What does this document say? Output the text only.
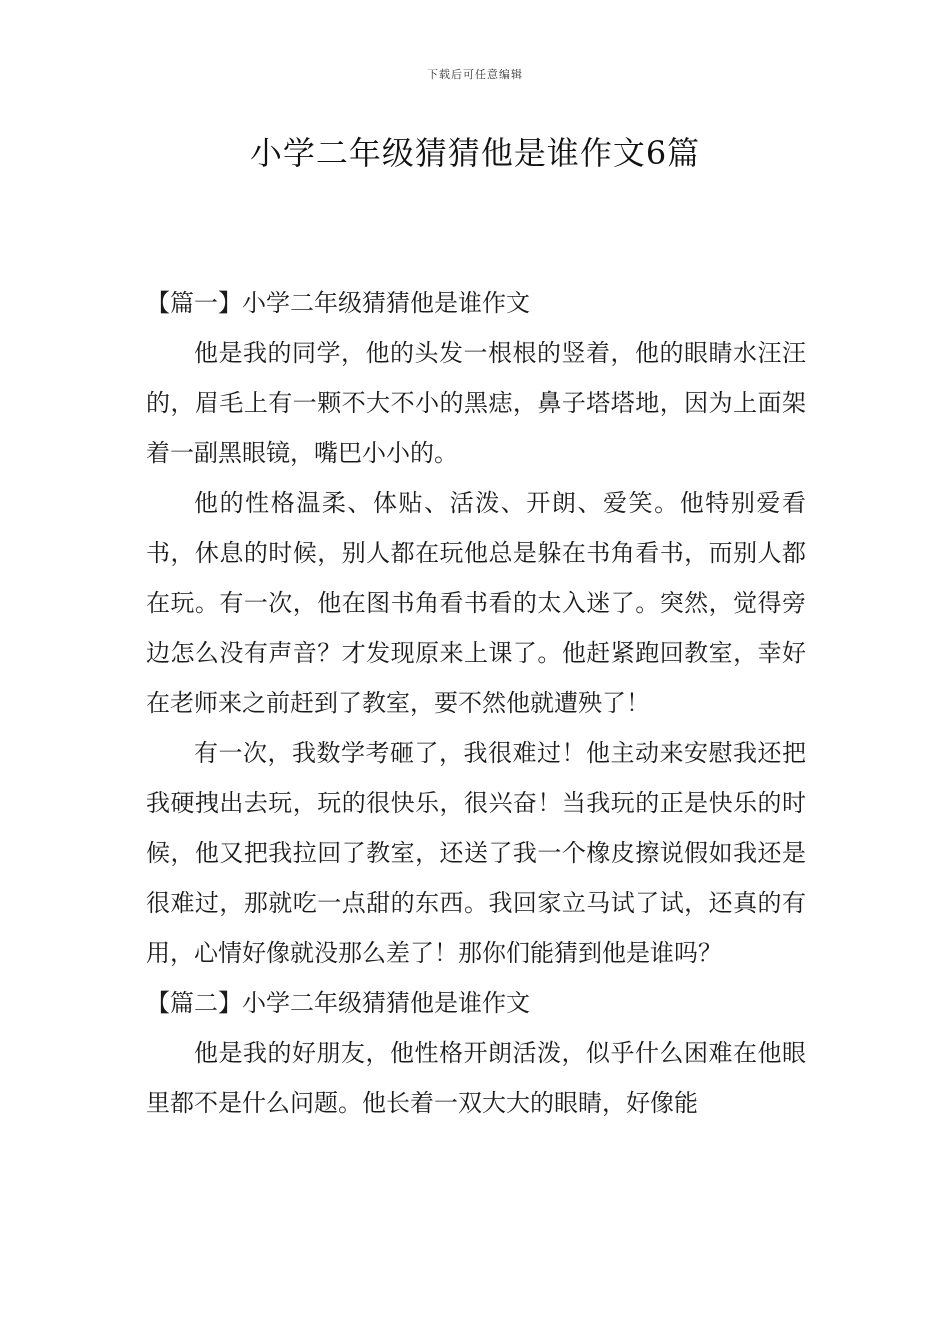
下载后可任意编辑
小学二年级猜猜他是谁作文6篇

【篇一】小学二年级猜猜他是谁作文

他是我的同学，他的头发一根根的竖着，他的眼睛水汪汪的，眉毛上有一颗不大不小的黑痣，鼻子塔塔地，因为上面架着一副黑眼镜，嘴巴小小的。

他的性格温柔、体贴、活泼、开朗、爱笑。他特别爱看书，休息的时候，别人都在玩他总是躲在书角看书，而别人都在玩。有一次，他在图书角看书看的太入迷了。突然，觉得旁边怎么没有声音？才发现原来上课了。他赶紧跑回教室，幸好在老师来之前赶到了教室，要不然他就遭殃了！

有一次，我数学考砸了，我很难过！他主动来安慰我还把我硬拽出去玩，玩的很快乐，很兴奋！当我玩的正是快乐的时候，他又把我拉回了教室，还送了我一个橡皮擦说假如我还是很难过，那就吃一点甜的东西。我回家立马试了试，还真的有用，心情好像就没那么差了！那你们能猜到他是谁吗？

【篇二】小学二年级猜猜他是谁作文

他是我的好朋友，他性格开朗活泼，似乎什么困难在他眼里都不是什么问题。他长着一双大大的眼睛，好像能
